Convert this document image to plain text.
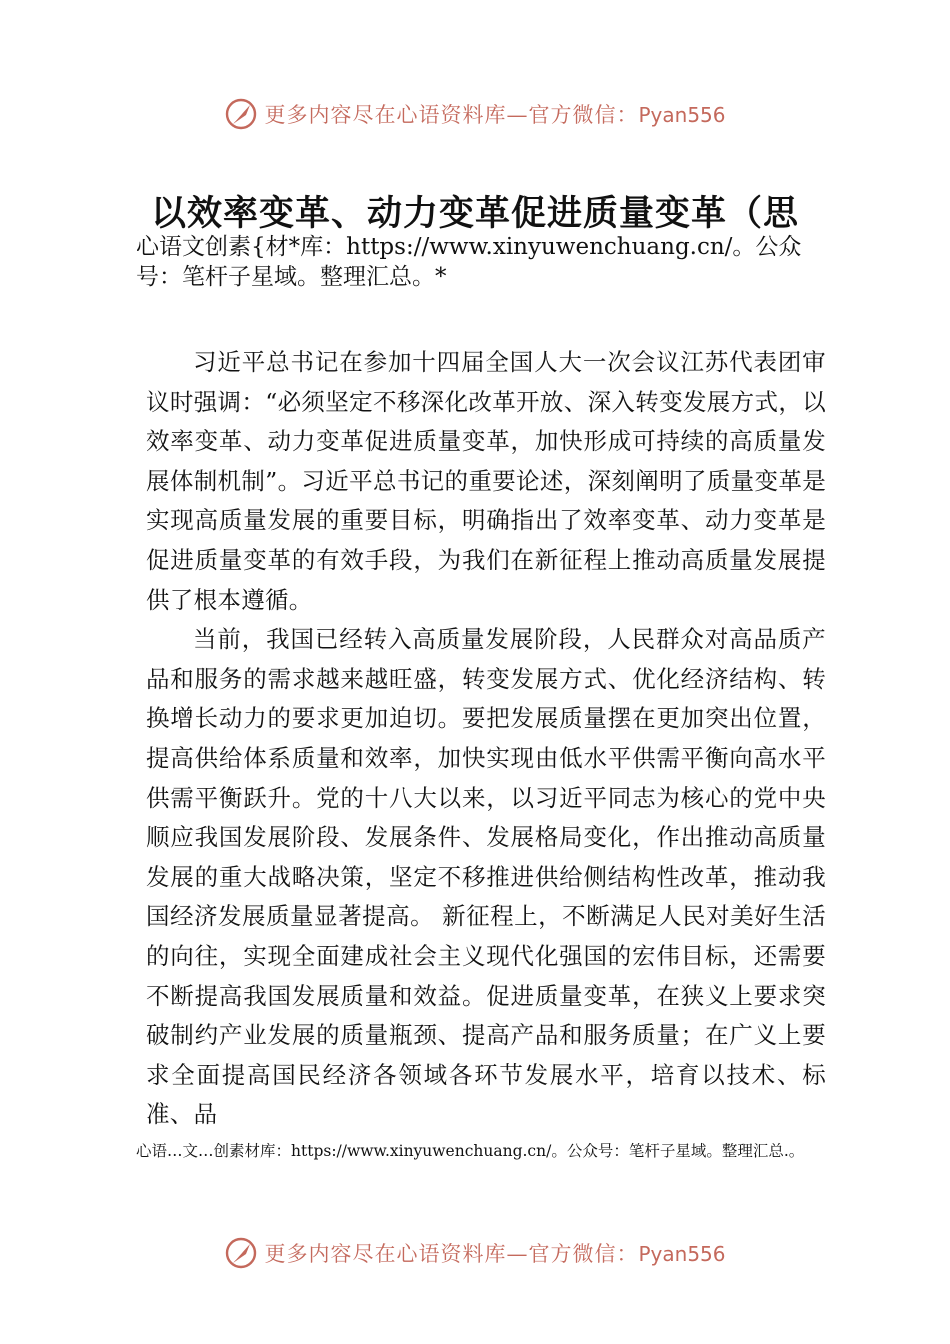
更多内容尽在心语资料库—官方微信：Pyan556
以效率变革、动力变革促进质量变革（思
心语文创素{材*库：https://www.xinyuwenchuang.cn/。公众号：笔杆子星域。整理汇总。*

习近平总书记在参加十四届全国人大一次会议江苏代表团审议时强调：“必须坚定不移深化改革开放、深入转变发展方式，以效率变革、动力变革促进质量变革，加快形成可持续的高质量发展体制机制”。习近平总书记的重要论述，深刻阐明了质量变革是实现高质量发展的重要目标，明确指出了效率变革、动力变革是促进质量变革的有效手段，为我们在新征程上推动高质量发展提供了根本遵循。

当前，我国已经转入高质量发展阶段，人民群众对高品质产品和服务的需求越来越旺盛，转变发展方式、优化经济结构、转换增长动力的要求更加迫切。要把发展质量摆在更加突出位置，提高供给体系质量和效率，加快实现由低水平供需平衡向高水平供需平衡跃升。党的十八大以来，以习近平同志为核心的党中央顺应我国发展阶段、发展条件、发展格局变化，作出推动高质量发展的重大战略决策，坚定不移推进供给侧结构性改革，推动我国经济发展质量显著提高。 新征程上，不断满足人民对美好生活的向往，实现全面建成社会主义现代化强国的宏伟目标，还需要不断提高我国发展质量和效益。促进质量变革，在狭义上要求突破制约产业发展的质量瓶颈、提高产品和服务质量；在广义上要求全面提高国民经济各领域各环节发展水平，培育以技术、标准、品

心语…文…创素材库：https://www.xinyuwenchuang.cn/。公众号：笔杆子星域。整理汇总.。
更多内容尽在心语资料库—官方微信：Pyan556
